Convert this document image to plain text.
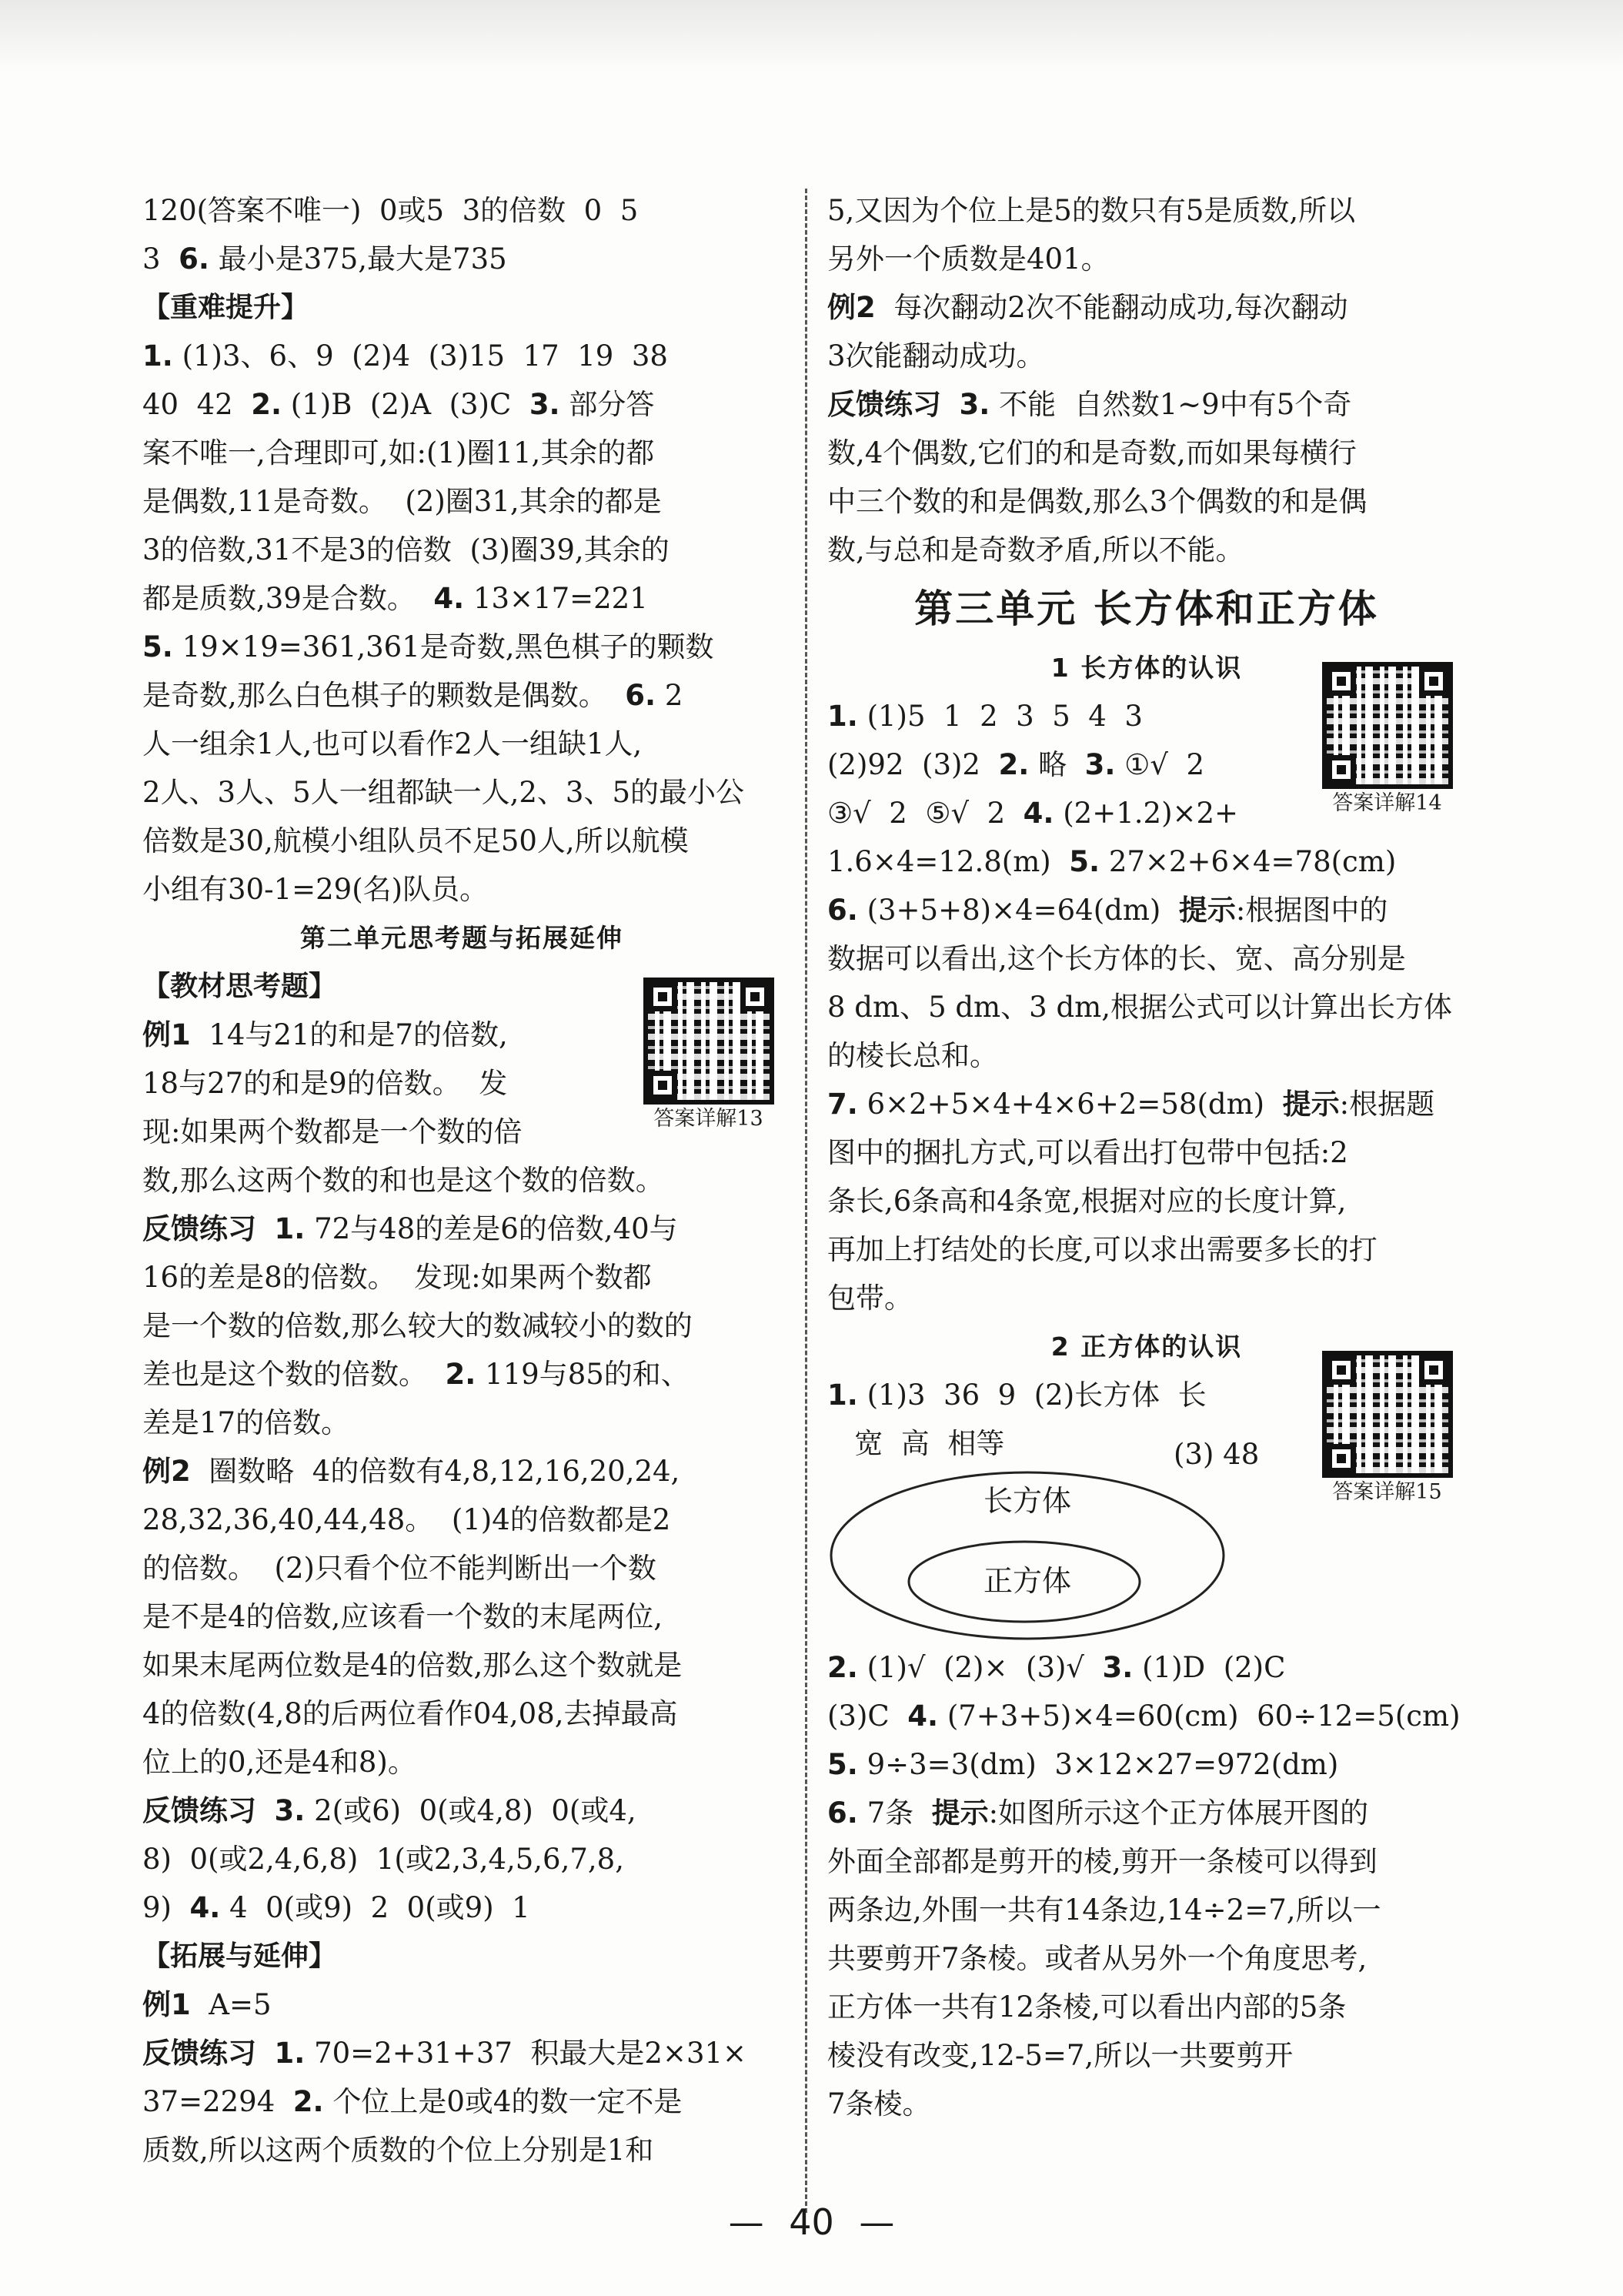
120(答案不唯一)  0或5  3的倍数  0  5
3  6. 最小是375,最大是735
【重难提升】
1. (1)3、6、9  (2)4  (3)15  17  19  38
40  42  2. (1)B  (2)A  (3)C  3. 部分答
案不唯一,合理即可,如:(1)圈11,其余的都
是偶数,11是奇数。  (2)圈31,其余的都是
3的倍数,31不是3的倍数  (3)圈39,其余的
都是质数,39是合数。  4. 13×17=221
5. 19×19=361,361是奇数,黑色棋子的颗数
是奇数,那么白色棋子的颗数是偶数。  6. 2
人一组余1人,也可以看作2人一组缺1人,
2人、3人、5人一组都缺一人,2、3、5的最小公
倍数是30,航模小组队员不足50人,所以航模
小组有30-1=29(名)队员。
第二单元思考题与拓展延伸
【教材思考题】
例1  14与21的和是7的倍数,
18与27的和是9的倍数。  发
现:如果两个数都是一个数的倍
数,那么这两个数的和也是这个数的倍数。
反馈练习 1. 72与48的差是6的倍数,40与
16的差是8的倍数。  发现:如果两个数都
是一个数的倍数,那么较大的数减较小的数的
差也是这个数的倍数。  2. 119与85的和、
差是17的倍数。
例2  圈数略  4的倍数有4,8,12,16,20,24,
28,32,36,40,44,48。  (1)4的倍数都是2
的倍数。  (2)只看个位不能判断出一个数
是不是4的倍数,应该看一个数的末尾两位,
如果末尾两位数是4的倍数,那么这个数就是
4的倍数(4,8的后两位看作04,08,去掉最高
位上的0,还是4和8)。
反馈练习 3. 2(或6)  0(或4,8)  0(或4,
8)  0(或2,4,6,8)  1(或2,3,4,5,6,7,8,
9)  4. 4  0(或9)  2  0(或9)  1
【拓展与延伸】
例1  A=5
反馈练习 1. 70=2+31+37  积最大是2×31×
37=2294  2. 个位上是0或4的数一定不是
质数,所以这两个质数的个位上分别是1和
5,又因为个位上是5的数只有5是质数,所以
另外一个质数是401。
例2  每次翻动2次不能翻动成功,每次翻动
3次能翻动成功。
反馈练习 3. 不能  自然数1~9中有5个奇
数,4个偶数,它们的和是奇数,而如果每横行
中三个数的和是偶数,那么3个偶数的和是偶
数,与总和是奇数矛盾,所以不能。
第三单元 长方体和正方体
1 长方体的认识
1. (1)5  1  2  3  5  4  3
(2)92  (3)2  2. 略  3. ①√  2
③√  2  ⑤√  2  4. (2+1.2)×2+
1.6×4=12.8(m)  5. 27×2+6×4=78(cm)
6. (3+5+8)×4=64(dm)  提示:根据图中的
数据可以看出,这个长方体的长、宽、高分别是
8 dm、5 dm、3 dm,根据公式可以计算出长方体
的棱长总和。
7. 6×2+5×4+4×6+2=58(dm)  提示:根据题
图中的捆扎方式,可以看出打包带中包括:2
条长,6条高和4条宽,根据对应的长度计算,
再加上打结处的长度,可以求出需要多长的打
包带。
2 正方体的认识
1. (1)3  36  9  (2)长方体  长
宽  高  相等
长方体
正方体
(3) 48
2. (1)√  (2)×  (3)√  3. (1)D  (2)C
(3)C  4. (7+3+5)×4=60(cm)  60÷12=5(cm)
5. 9÷3=3(dm)  3×12×27=972(dm)
6. 7条  提示:如图所示这个正方体展开图的
外面全部都是剪开的棱,剪开一条棱可以得到
两条边,外围一共有14条边,14÷2=7,所以一
共要剪开7条棱。或者从另外一个角度思考,
正方体一共有12条棱,可以看出内部的5条
棱没有改变,12-5=7,所以一共要剪开
7条棱。
答案详解13
答案详解14
答案详解15
— 40 —
